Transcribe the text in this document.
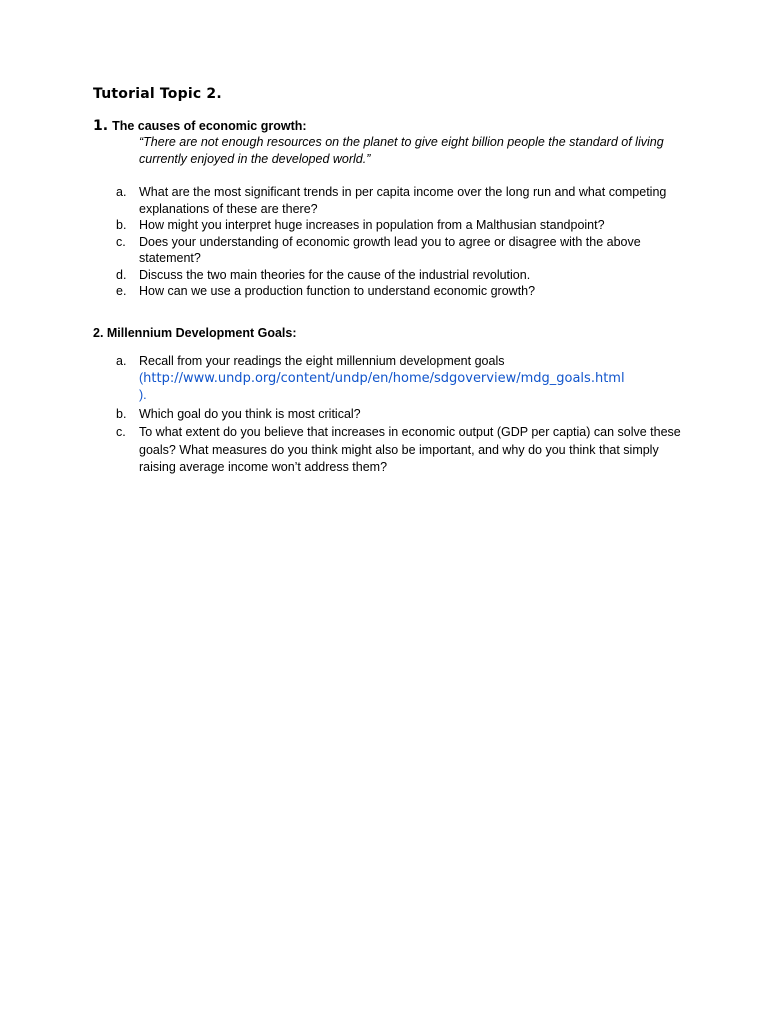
Tutorial Topic 2.
1. The causes of economic growth:
“There are not enough resources on the planet to give eight billion people the standard of living currently enjoyed in the developed world.”
a. What are the most significant trends in per capita income over the long run and what competing explanations of these are there?
b. How might you interpret huge increases in population from a Malthusian standpoint?
c. Does your understanding of economic growth lead you to agree or disagree with the above statement?
d. Discuss the two main theories for the cause of the industrial revolution.
e. How can we use a production function to understand economic growth?
2. Millennium Development Goals:
a. Recall from your readings the eight millennium development goals
(http://www.undp.org/content/undp/en/home/sdgoverview/mdg_goals.html
).
b. Which goal do you think is most critical?
c. To what extent do you believe that increases in economic output (GDP per captia) can solve these goals? What measures do you think might also be important, and why do you think that simply raising average income won’t address them?
